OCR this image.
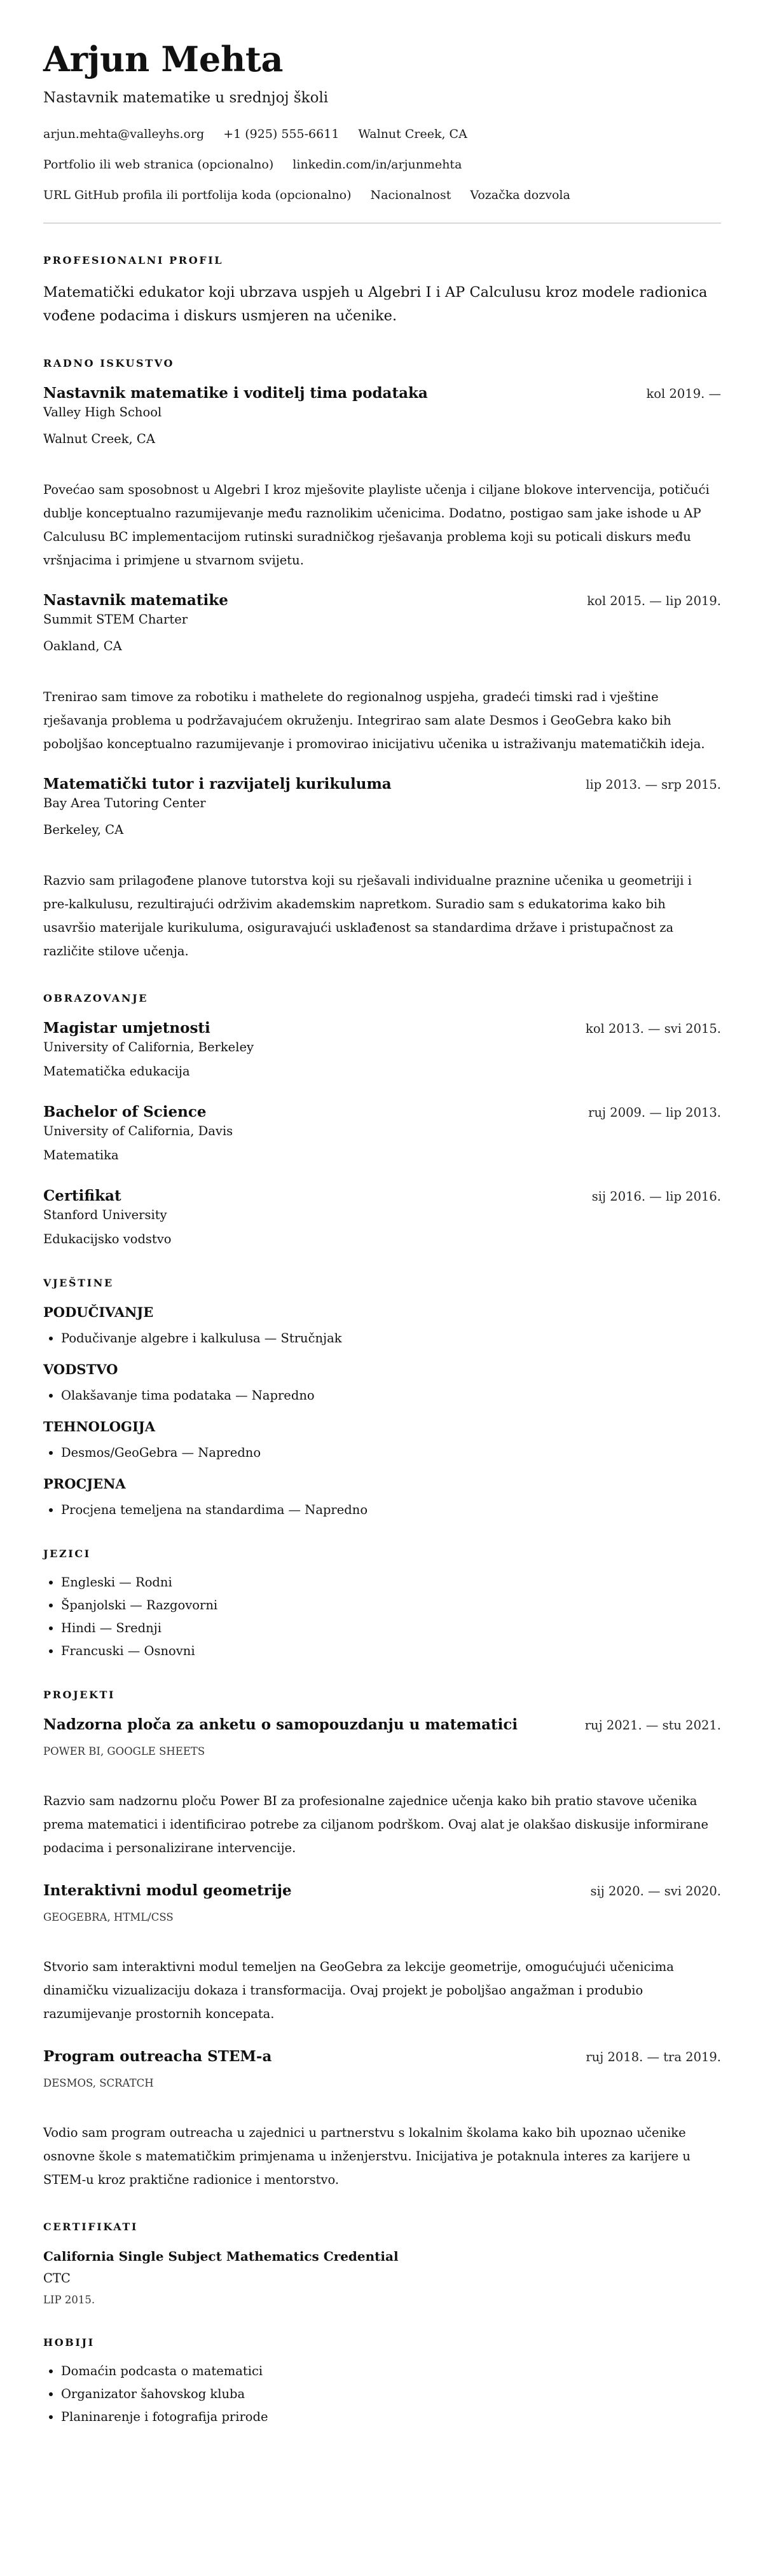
Arjun Mehta
Nastavnik matematike u srednjoj školi
arjun.mehta@valleyhs.org +1 (925) 555-6611 Walnut Creek, CA
Portfolio ili web stranica (opcionalno) linkedin.com/in/arjunmehta
URL GitHub profila ili portfolija koda (opcionalno) Nacionalnost Vozačka dozvola
PROFESIONALNI PROFIL

Matematički edukator koji ubrzava uspjeh u Algebri I i AP Calculusu kroz modele radionica vođene podacima i diskurs usmjeren na učenike.

RADNO ISKUSTVO
Nastavnik matematike i voditelj tima podataka	kol 2019. —
Valley High School
Walnut Creek, CA

Povećao sam sposobnost u Algebri I kroz mješovite playliste učenja i ciljane blokove intervencija, potičući dublje konceptualno razumijevanje među raznolikim učenicima. Dodatno, postigao sam jake ishode u AP Calculusu BC implementacijom rutinski suradničkog rješavanja problema koji su poticali diskurs među vršnjacima i primjene u stvarnom svijetu.

Nastavnik matematike	kol 2015. — lip 2019.
Summit STEM Charter
Oakland, CA

Trenirao sam timove za robotiku i mathelete do regionalnog uspjeha, gradeći timski rad i vještine rješavanja problema u podržavajućem okruženju. Integrirao sam alate Desmos i GeoGebra kako bih poboljšao konceptualno razumijevanje i promovirao inicijativu učenika u istraživanju matematičkih ideja.

Matematički tutor i razvijatelj kurikuluma	lip 2013. — srp 2015.
Bay Area Tutoring Center
Berkeley, CA

Razvio sam prilagođene planove tutorstva koji su rješavali individualne praznine učenika u geometriji i pre-kalkulusu, rezultirajući održivim akademskim napretkom. Suradio sam s edukatorima kako bih usavršio materijale kurikuluma, osiguravajući usklađenost sa standardima države i pristupačnost za različite stilove učenja.

OBRAZOVANJE
Magistar umjetnosti	kol 2013. — svi 2015.
University of California, Berkeley
Matematička edukacija
Bachelor of Science	ruj 2009. — lip 2013.
University of California, Davis
Matematika
Certifikat	sij 2016. — lip 2016.
Stanford University
Edukacijsko vodstvo
VJEŠTINE
PODUČIVANJE
• Podučivanje algebre i kalkulusa — Stručnjak
VODSTVO
• Olakšavanje tima podataka — Napredno
TEHNOLOGIJA
• Desmos/GeoGebra — Napredno
PROCJENA
• Procjena temeljena na standardima — Napredno
JEZICI
• Engleski — Rodni
• Španjolski — Razgovorni
• Hindi — Srednji
• Francuski — Osnovni
PROJEKTI
Nadzorna ploča za anketu o samopouzdanju u matematici	ruj 2021. — stu 2021.
POWER BI, GOOGLE SHEETS

Razvio sam nadzornu ploču Power BI za profesionalne zajednice učenja kako bih pratio stavove učenika prema matematici i identificirao potrebe za ciljanom podrškom. Ovaj alat je olakšao diskusije informirane podacima i personalizirane intervencije.

Interaktivni modul geometrije	sij 2020. — svi 2020.
GEOGEBRA, HTML/CSS

Stvorio sam interaktivni modul temeljen na GeoGebra za lekcije geometrije, omogućujući učenicima dinamičku vizualizaciju dokaza i transformacija. Ovaj projekt je poboljšao angažman i produbio razumijevanje prostornih koncepata.

Program outreacha STEM-a	ruj 2018. — tra 2019.
DESMOS, SCRATCH

Vodio sam program outreacha u zajednici u partnerstvu s lokalnim školama kako bih upoznao učenike osnovne škole s matematičkim primjenama u inženjerstvu. Inicijativa je potaknula interes za karijere u STEM-u kroz praktične radionice i mentorstvo.

CERTIFIKATI
California Single Subject Mathematics Credential
CTC
LIP 2015.
HOBIJI
• Domaćin podcasta o matematici
• Organizator šahovskog kluba
• Planinarenje i fotografija prirode
